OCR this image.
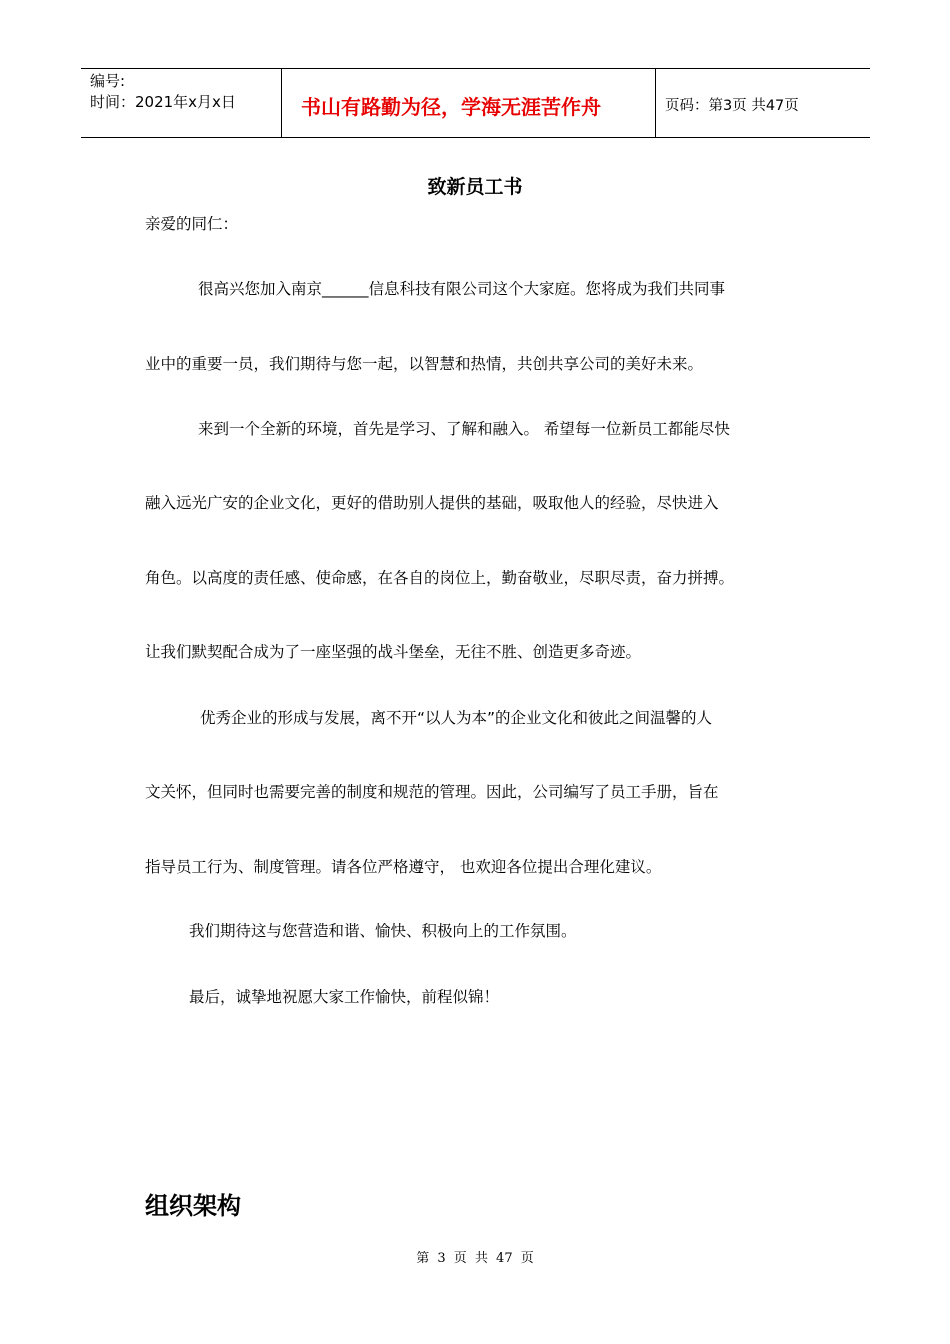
编号:
时间：2021年x月x日	书山有路勤为径，学海无涯苦作舟	页码：第3页 共47页
致新员工书
亲爱的同仁：
很高兴您加入南京______信息科技有限公司这个大家庭。您将成为我们共同事
业中的重要一员，我们期待与您一起，以智慧和热情，共创共享公司的美好未来。
来到一个全新的环境，首先是学习、了解和融入。 希望每一位新员工都能尽快
融入远光广安的企业文化，更好的借助别人提供的基础，吸取他人的经验，尽快进入
角色。以高度的责任感、使命感，在各自的岗位上，勤奋敬业，尽职尽责，奋力拼搏。
让我们默契配合成为了一座坚强的战斗堡垒，无往不胜、创造更多奇迹。
优秀企业的形成与发展，离不开“以人为本”的企业文化和彼此之间温馨的人
文关怀，但同时也需要完善的制度和规范的管理。因此，公司编写了员工手册，旨在
指导员工行为、制度管理。请各位严格遵守， 也欢迎各位提出合理化建议。
我们期待这与您营造和谐、愉快、积极向上的工作氛围。
最后，诚挚地祝愿大家工作愉快，前程似锦！
组织架构
第 3 页 共 47 页
